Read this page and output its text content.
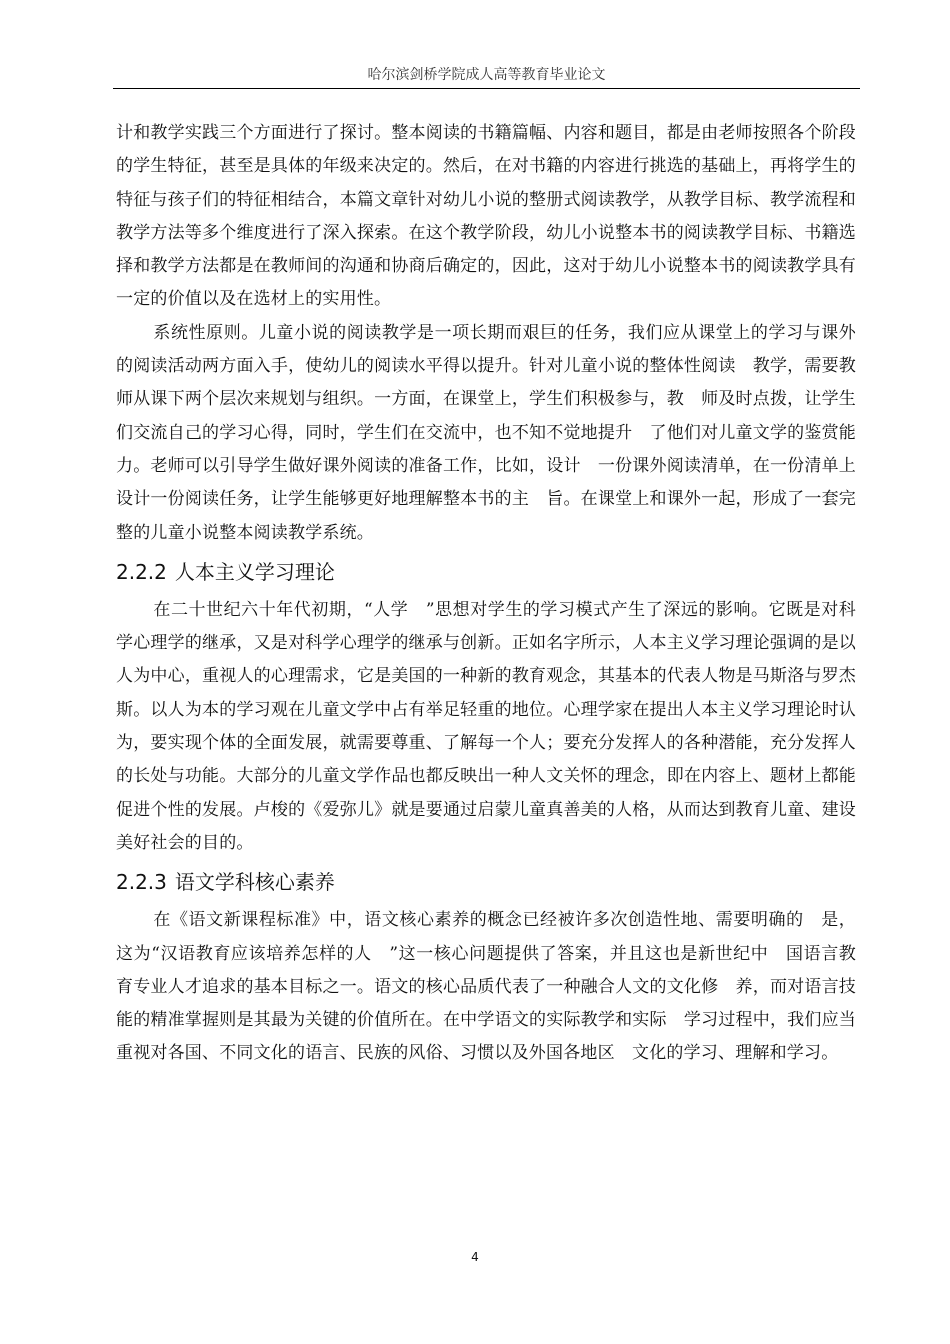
哈尔滨剑桥学院成人高等教育毕业论文

计和教学实践三个方面进行了探讨。整本阅读的书籍篇幅、内容和题目，都是由老师按照各个阶段的学生特征，甚至是具体的年级来决定的。然后，在对书籍的内容进行挑选的基础上，再将学生的特征与孩子们的特征相结合，本篇文章针对幼儿小说的整册式阅读教学，从教学目标、教学流程和教学方法等多个维度进行了深入探索。在这个教学阶段，幼儿小说整本书的阅读教学目标、书籍选择和教学方法都是在教师间的沟通和协商后确定的，因此，这对于幼儿小说整本书的阅读教学具有一定的价值以及在选材上的实用性。

系统性原则。儿童小说的阅读教学是一项长期而艰巨的任务，我们应从课堂上的学习与课外的阅读活动两方面入手，使幼儿的阅读水平得以提升。针对儿童小说的整体性阅读　教学，需要教师从课下两个层次来规划与组织。一方面，在课堂上，学生们积极参与，教　师及时点拨，让学生们交流自己的学习心得，同时，学生们在交流中，也不知不觉地提升　了他们对儿童文学的鉴赏能力。老师可以引导学生做好课外阅读的准备工作，比如，设计　一份课外阅读清单，在一份清单上设计一份阅读任务，让学生能够更好地理解整本书的主　旨。在课堂上和课外一起，形成了一套完整的儿童小说整本阅读教学系统。

2.2.2 人本主义学习理论

在二十世纪六十年代初期，“人学　”思想对学生的学习模式产生了深远的影响。它既是对科学心理学的继承，又是对科学心理学的继承与创新。正如名字所示，人本主义学习理论强调的是以人为中心，重视人的心理需求，它是美国的一种新的教育观念，其基本的代表人物是马斯洛与罗杰斯。以人为本的学习观在儿童文学中占有举足轻重的地位。心理学家在提出人本主义学习理论时认为，要实现个体的全面发展，就需要尊重、了解每一个人；要充分发挥人的各种潜能，充分发挥人的长处与功能。大部分的儿童文学作品也都反映出一种人文关怀的理念，即在内容上、题材上都能促进个性的发展。卢梭的《爱弥儿》就是要通过启蒙儿童真善美的人格，从而达到教育儿童、建设美好社会的目的。

2.2.3 语文学科核心素养

在《语文新课程标准》中，语文核心素养的概念已经被许多次创造性地、需要明确的　是，这为“汉语教育应该培养怎样的人　”这一核心问题提供了答案，并且这也是新世纪中　国语言教育专业人才追求的基本目标之一。语文的核心品质代表了一种融合人文的文化修　养，而对语言技能的精准掌握则是其最为关键的价值所在。在中学语文的实际教学和实际　学习过程中，我们应当重视对各国、不同文化的语言、民族的风俗、习惯以及外国各地区　文化的学习、理解和学习。

4
